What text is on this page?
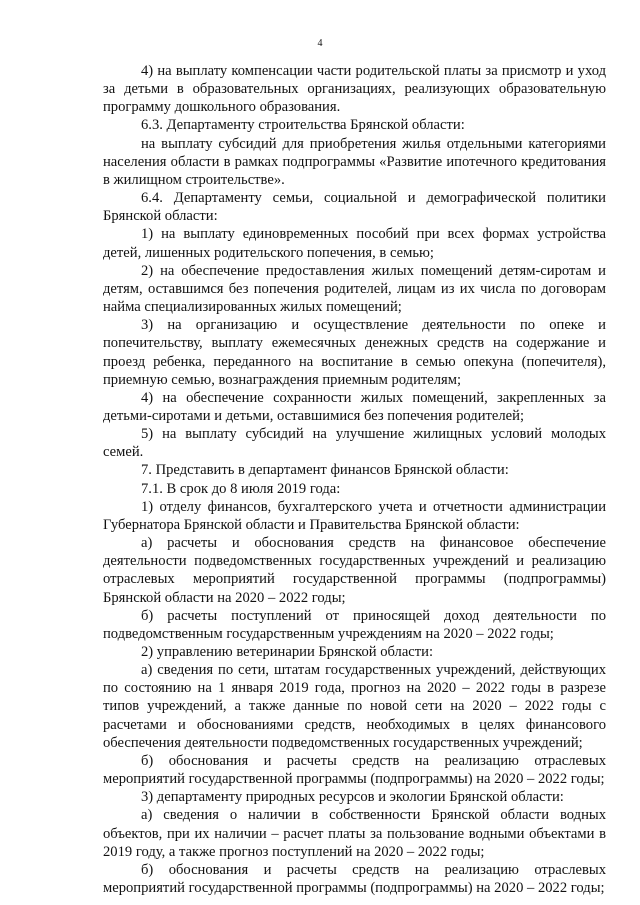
4

4) на выплату компенсации части родительской платы за присмотр и уход за детьми в образовательных организациях, реализующих образовательную программу дошкольного образования.

6.3. Департаменту строительства Брянской области:

на выплату субсидий для приобретения жилья отдельными категориями населения области в рамках подпрограммы «Развитие ипотечного кредитования в жилищном строительстве».

6.4. Департаменту семьи, социальной и демографической политики Брянской области:

1) на выплату единовременных пособий при всех формах устройства детей, лишенных родительского попечения, в семью;

2) на обеспечение предоставления жилых помещений детям-сиротам и детям, оставшимся без попечения родителей, лицам из их числа по договорам найма специализированных жилых помещений;

3) на организацию и осуществление деятельности по опеке и попечительству, выплату ежемесячных денежных средств на содержание и проезд ребенка, переданного на воспитание в семью опекуна (попечителя), приемную семью, вознаграждения приемным родителям;

4) на обеспечение сохранности жилых помещений, закрепленных за детьми-сиротами и детьми, оставшимися без попечения родителей;

5) на выплату субсидий на улучшение жилищных условий молодых семей.

7. Представить в департамент финансов Брянской области:

7.1. В срок до 8 июля 2019 года:

1) отделу финансов, бухгалтерского учета и отчетности администрации Губернатора Брянской области и Правительства Брянской области:

а) расчеты и обоснования средств на финансовое обеспечение деятельности подведомственных государственных учреждений и реализацию отраслевых мероприятий государственной программы (подпрограммы) Брянской области на 2020 – 2022 годы;

б) расчеты поступлений от приносящей доход деятельности по подведомственным государственным учреждениям на 2020 – 2022 годы;

2) управлению ветеринарии Брянской области:

а) сведения по сети, штатам государственных учреждений, действующих по состоянию на 1 января 2019 года, прогноз на 2020 – 2022 годы в разрезе типов учреждений, а также данные по новой сети на 2020 – 2022 годы с расчетами и обоснованиями средств, необходимых в целях финансового обеспечения деятельности подведомственных государственных учреждений;

б) обоснования и расчеты средств на реализацию отраслевых мероприятий государственной программы (подпрограммы) на 2020 – 2022 годы;

3) департаменту природных ресурсов и экологии Брянской области:

а) сведения о наличии в собственности Брянской области водных объектов, при их наличии – расчет платы за пользование водными объектами в 2019 году, а также прогноз поступлений на 2020 – 2022 годы;

б) обоснования и расчеты средств на реализацию отраслевых мероприятий государственной программы (подпрограммы) на 2020 – 2022 годы;
